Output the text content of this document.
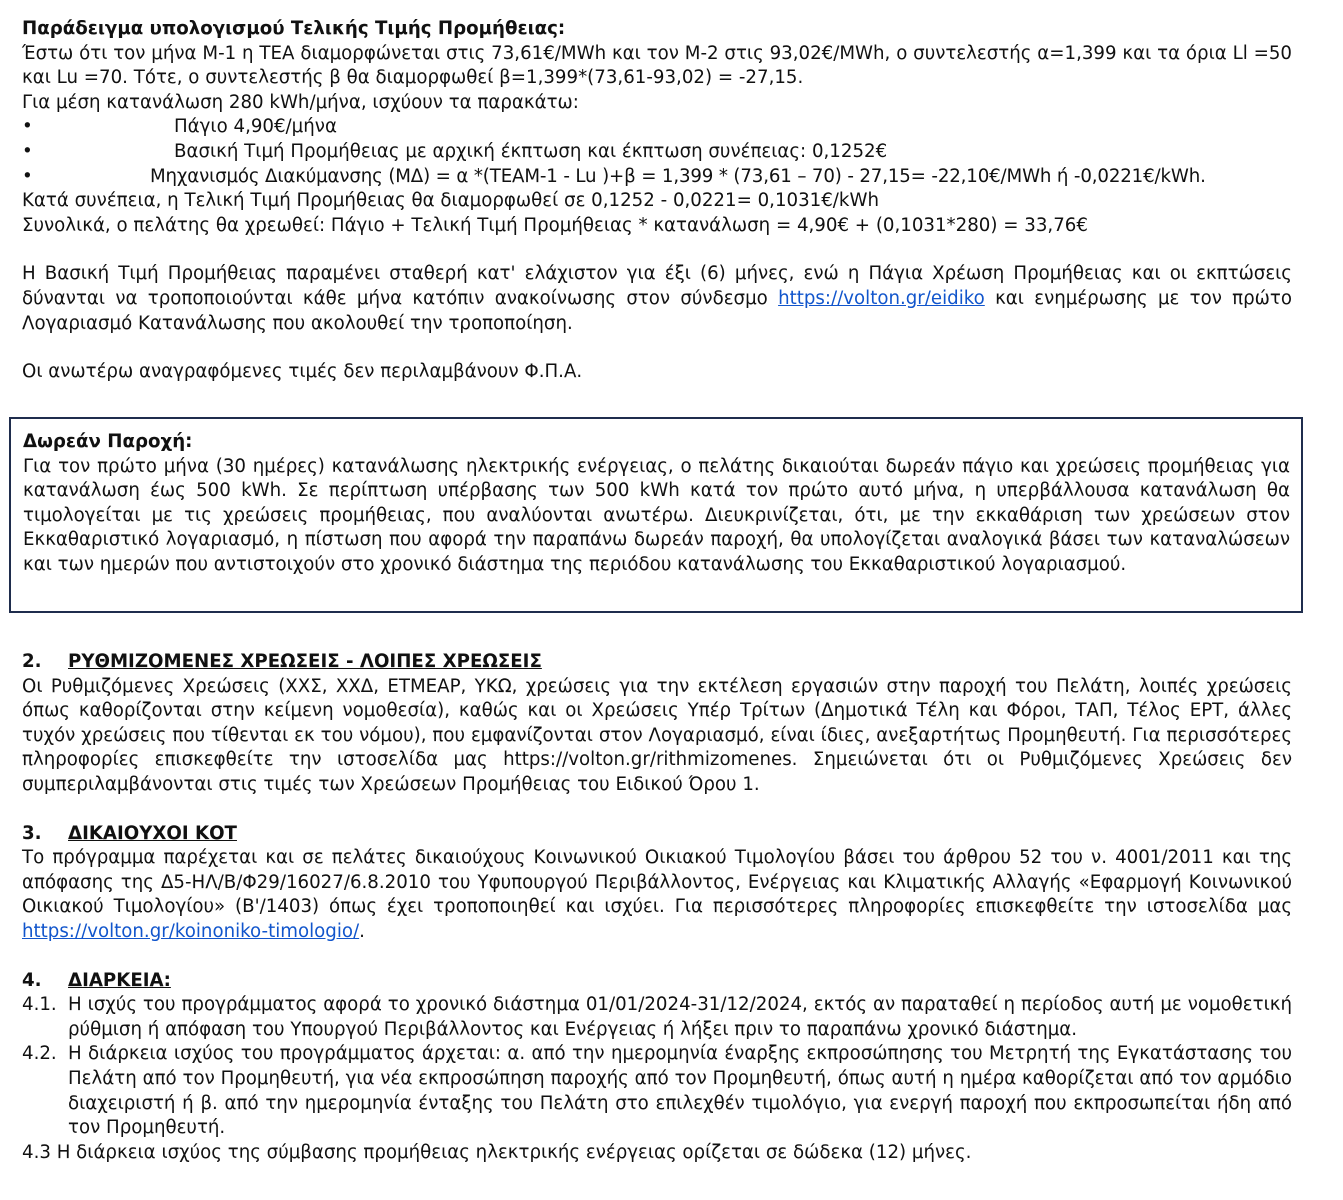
Παράδειγμα υπολογισμού Τελικής Τιμής Προμήθειας:

Έστω ότι τον μήνα Μ-1 η ΤΕΑ διαμορφώνεται στις 73,61€/MWh και τον Μ-2 στις 93,02€/MWh, ο συντελεστής α=1,399 και τα όρια Ll =50 και Lu =70. Τότε, ο συντελεστής β θα διαμορφωθεί β=1,399*(73,61-93,02) = -27,15.

Για μέση κατανάλωση 280 kWh/μήνα, ισχύουν τα παρακάτω:

•	Πάγιο 4,90€/μήνα
•	Βασική Τιμή Προμήθειας με αρχική έκπτωση και έκπτωση συνέπειας: 0,1252€
•	Μηχανισμός Διακύμανσης (ΜΔ) = α *(ΤΕΑΜ-1 - Lu )+β = 1,399 * (73,61 – 70) - 27,15= -22,10€/MWh ή -0,0221€/kWh.

Κατά συνέπεια, η Τελική Τιμή Προμήθειας θα διαμορφωθεί σε 0,1252 - 0,0221= 0,1031€/kWh

Συνολικά, ο πελάτης θα χρεωθεί: Πάγιο + Τελική Τιμή Προμήθειας * κατανάλωση = 4,90€ + (0,1031*280) = 33,76€

Η Βασική Τιμή Προμήθειας παραμένει σταθερή κατ' ελάχιστον για έξι (6) μήνες, ενώ η Πάγια Χρέωση Προμήθειας και οι εκπτώσεις δύνανται να τροποποιούνται κάθε μήνα κατόπιν ανακοίνωσης στον σύνδεσμο https://volton.gr/eidiko και ενημέρωσης με τον πρώτο Λογαριασμό Κατανάλωσης που ακολουθεί την τροποποίηση.

Οι ανωτέρω αναγραφόμενες τιμές δεν περιλαμβάνουν Φ.Π.Α.

Δωρεάν Παροχή:

Για τον πρώτο μήνα (30 ημέρες) κατανάλωσης ηλεκτρικής ενέργειας, ο πελάτης δικαιούται δωρεάν πάγιο και χρεώσεις προμήθειας για κατανάλωση έως 500 kWh. Σε περίπτωση υπέρβασης των 500 kWh κατά τον πρώτο αυτό μήνα, η υπερβάλλουσα κατανάλωση θα τιμολογείται με τις χρεώσεις προμήθειας, που αναλύονται ανωτέρω. Διευκρινίζεται, ότι, με την εκκαθάριση των χρεώσεων στον Εκκαθαριστικό λογαριασμό, η πίστωση που αφορά την παραπάνω δωρεάν παροχή, θα υπολογίζεται αναλογικά βάσει των καταναλώσεων και των ημερών που αντιστοιχούν στο χρονικό διάστημα της περιόδου κατανάλωσης του Εκκαθαριστικού λογαριασμού.

2. ΡΥΘΜΙΖΟΜΕΝΕΣ ΧΡΕΩΣΕΙΣ - ΛΟΙΠΕΣ ΧΡΕΩΣΕΙΣ

Οι Ρυθμιζόμενες Χρεώσεις (ΧΧΣ, ΧΧΔ, ΕΤΜΕΑΡ, ΥΚΩ, χρεώσεις για την εκτέλεση εργασιών στην παροχή του Πελάτη, λοιπές χρεώσεις όπως καθορίζονται στην κείμενη νομοθεσία), καθώς και οι Χρεώσεις Υπέρ Τρίτων (Δημοτικά Τέλη και Φόροι, ΤΑΠ, Τέλος ΕΡΤ, άλλες τυχόν χρεώσεις που τίθενται εκ του νόμου), που εμφανίζονται στον Λογαριασμό, είναι ίδιες, ανεξαρτήτως Προμηθευτή. Για περισσότερες πληροφορίες επισκεφθείτε την ιστοσελίδα μας https://volton.gr/rithmizomenes. Σημειώνεται ότι οι Ρυθμιζόμενες Χρεώσεις δεν συμπεριλαμβάνονται στις τιμές των Χρεώσεων Προμήθειας του Ειδικού Όρου 1.

3. ΔΙΚΑΙΟΥΧΟΙ ΚΟΤ

Το πρόγραμμα παρέχεται και σε πελάτες δικαιούχους Κοινωνικού Οικιακού Τιμολογίου βάσει του άρθρου 52 του ν. 4001/2011 και της απόφασης της Δ5-ΗΛ/Β/Φ29/16027/6.8.2010 του Υφυπουργού Περιβάλλοντος, Ενέργειας και Κλιματικής Αλλαγής «Εφαρμογή Κοινωνικού Οικιακού Τιμολογίου» (Β'/1403) όπως έχει τροποποιηθεί και ισχύει. Για περισσότερες πληροφορίες επισκεφθείτε την ιστοσελίδα μας https://volton.gr/koinoniko-timologio/.

4. ΔΙΑΡΚΕΙΑ:
4.1. Η ισχύς του προγράμματος αφορά το χρονικό διάστημα 01/01/2024-31/12/2024, εκτός αν παραταθεί η περίοδος αυτή με νομοθετική ρύθμιση ή απόφαση του Υπουργού Περιβάλλοντος και Ενέργειας ή λήξει πριν το παραπάνω χρονικό διάστημα.
4.2. Η διάρκεια ισχύος του προγράμματος άρχεται: α. από την ημερομηνία έναρξης εκπροσώπησης του Μετρητή της Εγκατάστασης του Πελάτη από τον Προμηθευτή, για νέα εκπροσώπηση παροχής από τον Προμηθευτή, όπως αυτή η ημέρα καθορίζεται από τον αρμόδιο διαχειριστή ή β. από την ημερομηνία ένταξης του Πελάτη στο επιλεχθέν τιμολόγιο, για ενεργή παροχή που εκπροσωπείται ήδη από τον Προμηθευτή.

4.3 Η διάρκεια ισχύος της σύμβασης προμήθειας ηλεκτρικής ενέργειας ορίζεται σε δώδεκα (12) μήνες.
